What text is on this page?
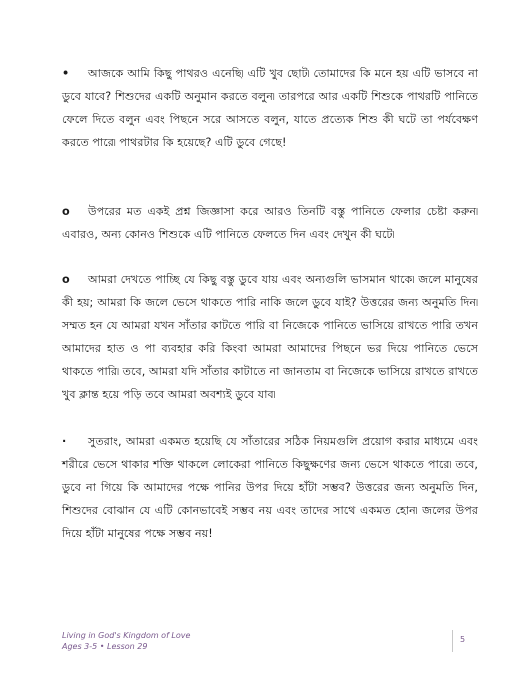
• আজকে আমি কিছু পাথরও এনেছি৷ এটি খুব ছোট৷ তোমাদের কি মনে হয় এটি ভাসবে না ডুবে যাবে? শিশুদের একটি অনুমান করতে বলুন৷ তারপরে আর একটি শিশুকে পাথরটি পানিতে ফেলে দিতে বলুন এবং পিছনে সরে আসতে বলুন, যাতে প্রত্যেক শিশু কী ঘটে তা পর্যবেক্ষণ করতে পারে৷ পাথরটার কি হয়েছে? এটি ডুবে গেছে!

o উপরের মত একই প্রশ্ন জিজ্ঞাসা করে আরও তিনটি বস্তু পানিতে ফেলার চেষ্টা করুন৷ এবারও, অন্য কোনও শিশুকে এটি পানিতে ফেলতে দিন এবং দেখুন কী ঘটে৷

o আমরা দেখতে পাচ্ছি যে কিছু বস্তু ডুবে যায় এবং অন্যগুলি ভাসমান থাকে৷ জলে মানুষের কী হয়; আমরা কি জলে ভেসে থাকতে পারি নাকি জলে ডুবে যাই? উত্তরের জন্য অনুমতি দিন৷ সম্মত হন যে আমরা যখন সাঁতার কাটতে পারি বা নিজেকে পানিতে ভাসিয়ে রাখতে পারি তখন আমাদের হাত ও পা ব্যবহার করি কিংবা আমরা আমাদের পিছনে ভর দিয়ে পানিতে ভেসে থাকতে পারি৷ তবে, আমরা যদি সাঁতার কাটাতে না জানতাম বা নিজেকে ভাসিয়ে রাখতে রাখতে খুব ক্লান্ত হয়ে পড়ি তবে আমরা অবশ্যই ডুবে যাব৷

· সুতরাং, আমরা একমত হয়েছি যে সাঁতারের সঠিক নিয়মগুলি প্রয়োগ করার মাধ্যমে এবং শরীরে ভেসে থাকার শক্তি থাকলে লোকেরা পানিতে কিছুক্ষণের জন্য ভেসে থাকতে পারে৷ তবে, ডুবে না গিয়ে কি আমাদের পক্ষে পানির উপর দিয়ে হাঁটা সম্ভব? উত্তরের জন্য অনুমতি দিন, শিশুদের বোঝান যে এটি কোনভাবেই সম্ভব নয় এবং তাদের সাথে একমত হোন৷ জলের উপর দিয়ে হাঁটা মানুষের পক্ষে সম্ভব নয়!

Living in God's Kingdom of Love
Ages 3-5 • Lesson 29
5
